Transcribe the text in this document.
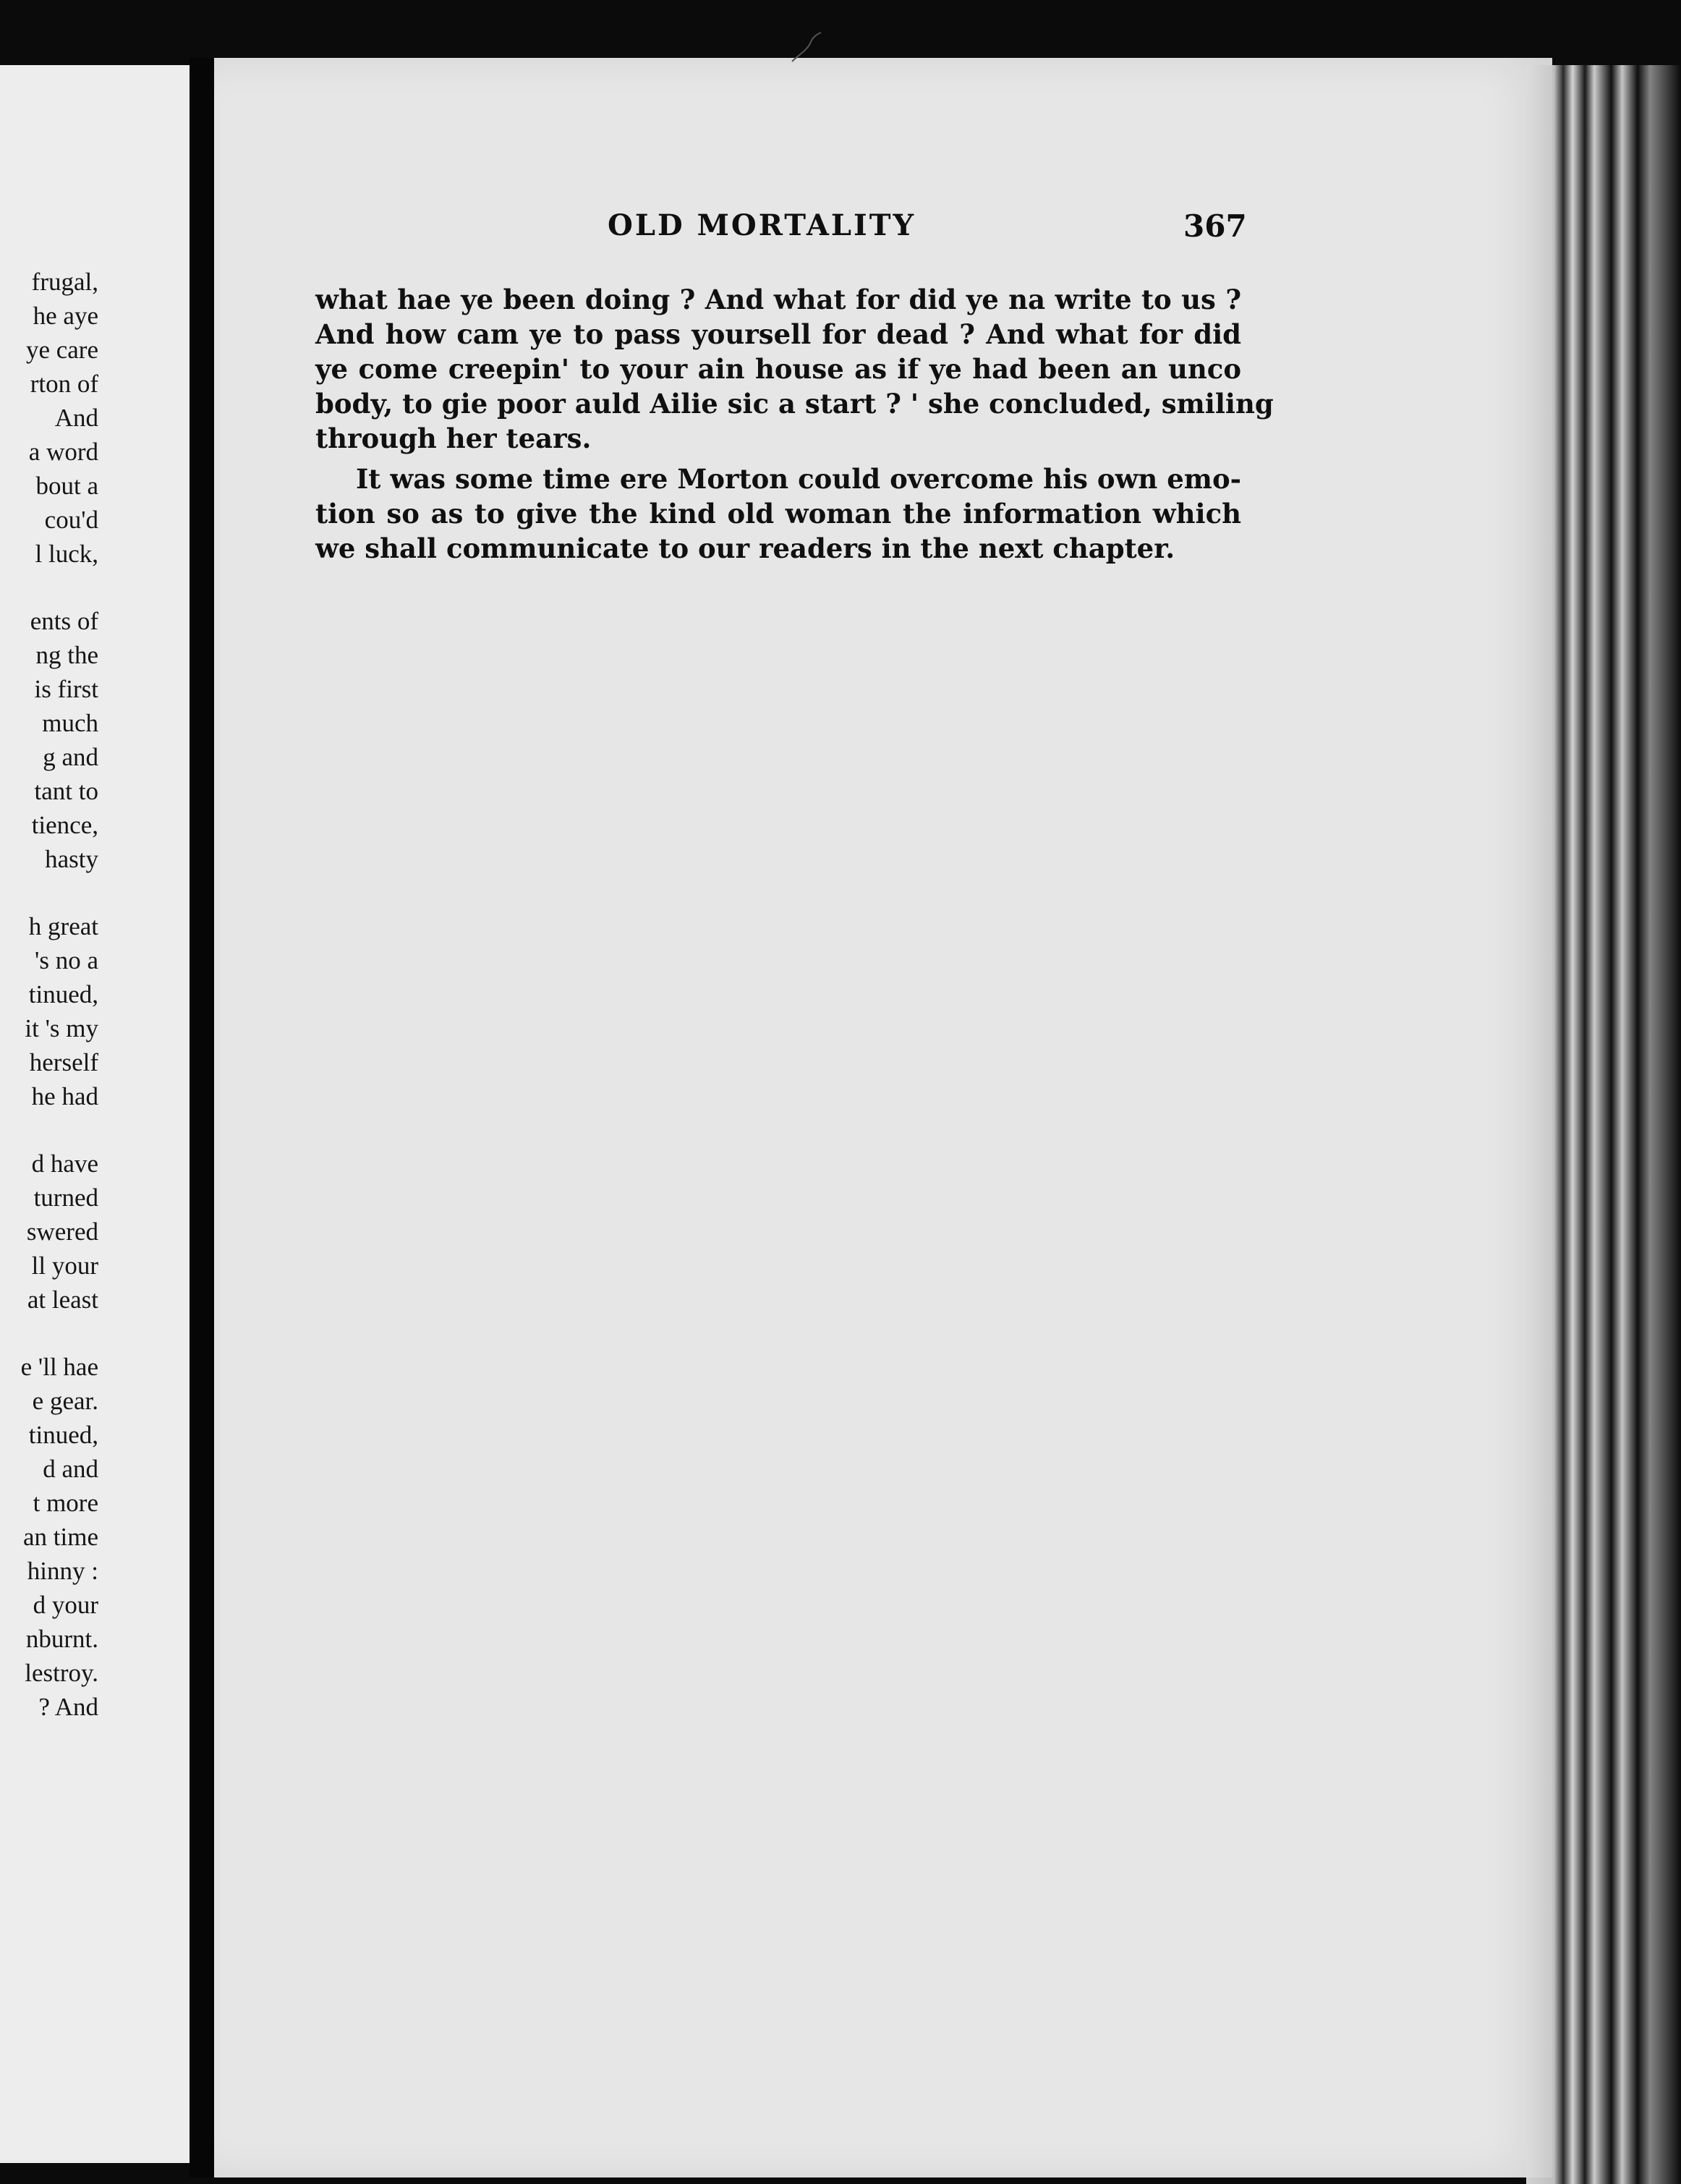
frugal,
he aye
ye care
rton of
And
a word
bout a
cou'd
l luck,
ents of
ng the
is first
much
g and
tant to
tience,
hasty
h great
's no a
tinued,
it 's my
herself
he had
d have
turned
swered
ll your
at least
e 'll hae
e gear.
tinued,
d and
t more
an time
hinny :
d your
nburnt.
lestroy.
? And
OLD MORTALITY	367
what hae ye been doing ? And what for did ye na write to us ?
And how cam ye to pass yoursell for dead ? And what for did
ye come creepin' to your ain house as if ye had been an unco
body, to gie poor auld Ailie sic a start ? ' she concluded, smiling
through her tears.
It was some time ere Morton could overcome his own emo-
tion so as to give the kind old woman the information which
we shall communicate to our readers in the next chapter.
